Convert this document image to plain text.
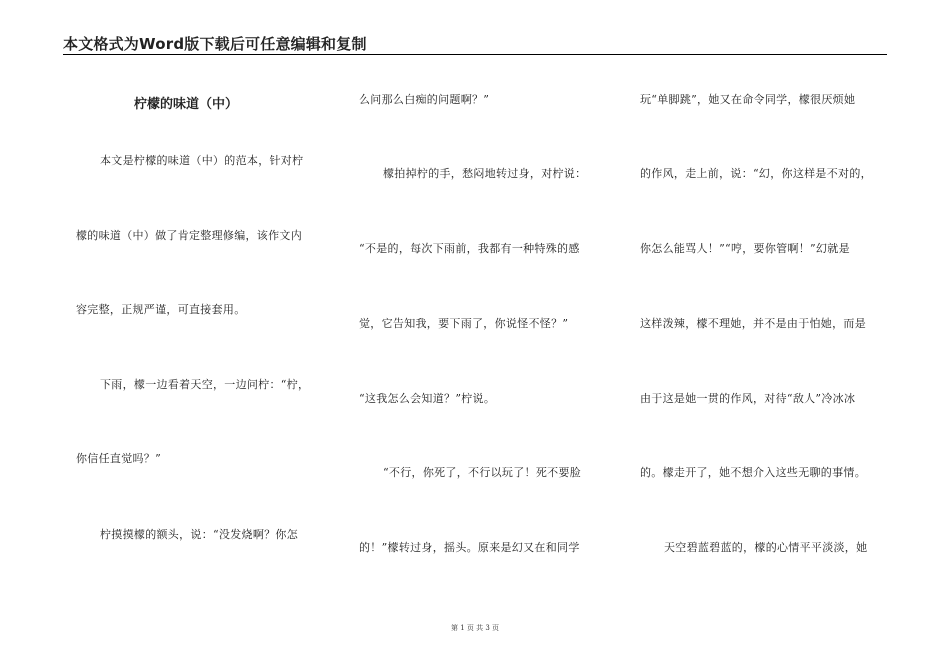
本文格式为Word版下载后可任意编辑和复制
柠檬的味道（中）
本文是柠檬的味道（中）的范本，针对柠
檬的味道（中）做了肯定整理修编，该作文内
容完整，正规严谨，可直接套用。
下雨，檬一边看着天空，一边问柠：“柠，
你信任直觉吗？”
柠摸摸檬的额头，说：“没发烧啊？你怎
么问那么白痴的问题啊？”
檬拍掉柠的手，愁闷地转过身，对柠说：
“不是的，每次下雨前，我都有一种特殊的感
觉，它告知我，要下雨了，你说怪不怪？”
“这我怎么会知道？”柠说。
“不行，你死了，不行以玩了！死不要脸
的！”檬转过身，摇头。原来是幻又在和同学
玩“单脚跳”，她又在命令同学，檬很厌烦她
的作风，走上前，说：“幻，你这样是不对的，
你怎么能骂人！”“哼，要你管啊！”幻就是
这样泼辣，檬不理她，并不是由于怕她，而是
由于这是她一贯的作风，对待“敌人”冷冰冰
的。檬走开了，她不想介入这些无聊的事情。
天空碧蓝碧蓝的，檬的心情平平淡淡，她
第 1 页 共 3 页
